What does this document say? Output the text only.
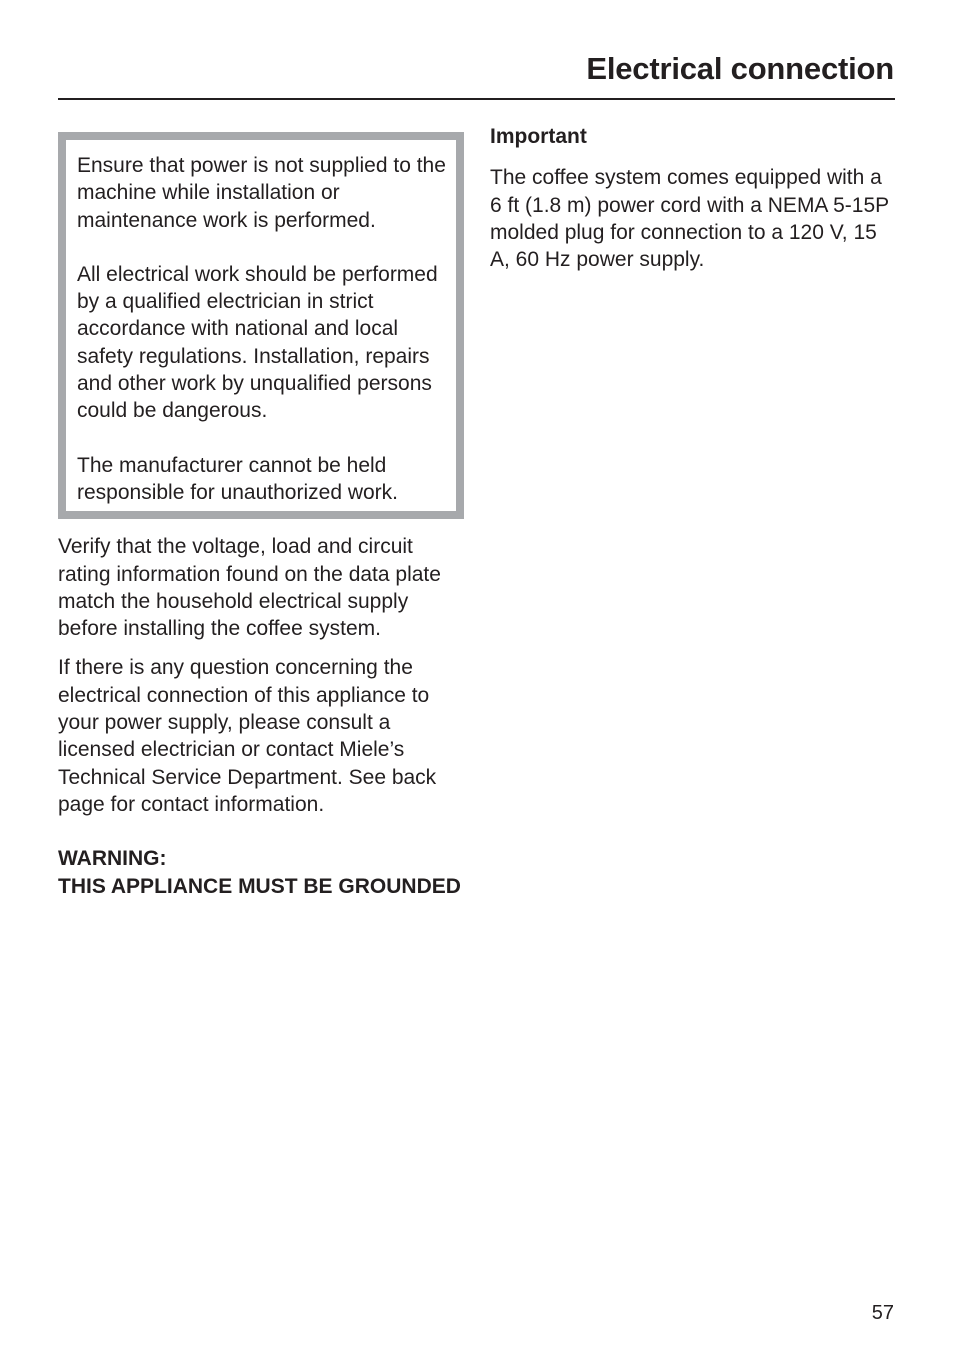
Electrical connection

Ensure that power is not supplied to the machine while installation or maintenance work is performed.

All electrical work should be performed by a qualified electrician in strict accordance with national and local safety regulations. Installation, repairs and other work by unqualified persons could be dangerous.

The manufacturer cannot be held responsible for unauthorized work.

Verify that the voltage, load and circuit rating information found on the data plate match the household electrical supply before installing the coffee system.

If there is any question concerning the electrical connection of this appliance to your power supply, please consult a licensed electrician or contact Miele’s Technical Service Department. See back page for contact information.

WARNING:
THIS APPLIANCE MUST BE GROUNDED
Important

The coffee system comes equipped with a 6 ft (1.8 m) power cord with a NEMA 5-15P molded plug for connection to a 120 V, 15 A, 60 Hz power supply.

57
